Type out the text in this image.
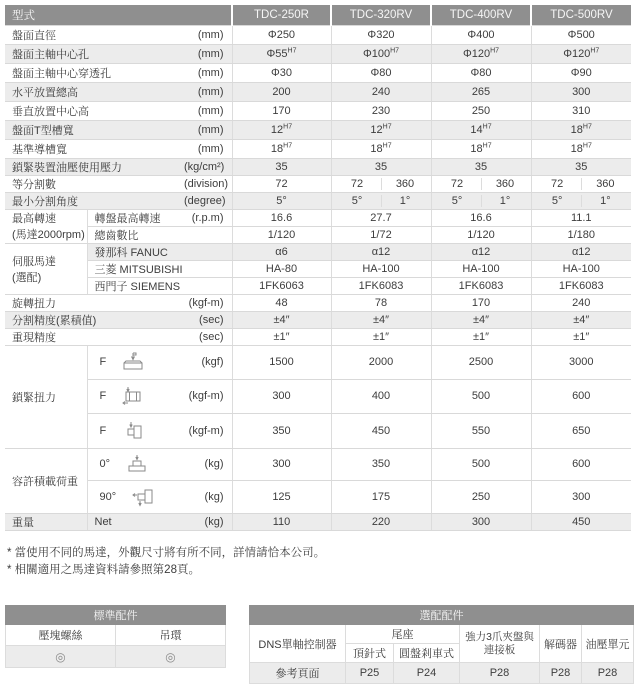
型式			TDC-250R	TDC-320RV	TDC-400RV	TDC-500RV
盤面直徑		(mm)	Φ250	Φ320	Φ400	Φ500
盤面主軸中心孔		(mm)	$\Phi 55^{H7}$	$\Phi 100^{H7}$	$\Phi 120^{H7}$	$\Phi 120^{H7}$
盤面主軸中心穿透孔		(mm)	Φ30	Φ80	Φ80	Φ90
水平放置總高		(mm)	200	240	265	300
垂直放置中心高		(mm)	170	230	250	310
盤面T型槽寬		(mm)	$12^{H7}$	$12^{H7}$	$14^{H7}$	$18^{H7}$
基準導槽寬		(mm)	$18^{H7}$	$18^{H7}$	$18^{H7}$	$18^{H7}$
鎖緊裝置油壓使用壓力		(kg/cm²)	35	35	35	35
等分割數		(division)	72	72 360	72 360	72 360

最小分割角度		(degree)	5°	5° 1°	5° 1°	5° 1°

最高轉速
(馬達2000rpm)	轉盤最高轉速	(r.p.m)	16.6	27.7	16.6	11.1
	總齒數比		1/120	1/72	1/120	1/180

伺服馬達
(選配)	發那科 FANUC		α6	α12	α12	α12
	三菱 MITSUBISHI		HA-80	HA-100	HA-100	HA-100
	西門子 SIEMENS		1FK6063	1FK6083	1FK6083	1FK6083
旋轉扭力		(kgf-m)	48	78	170	240
分割精度(累積值)		(sec)	±4″	±4″	±4″	±4″
重現精度		(sec)	±1″	±1″	±1″	±1″
鎖緊扭力	F	(kgf)	1500	2000	2500	3000

	F	(kgf-m)	300	400	500	600

	F	(kgf-m)	350	450	550	650
容許積載荷重	0°	(kg)	300	350	500	600

	90°	(kg)	125	175	250	300
重量	Net	(kg)	110	220	300	450
* 當使用不同的馬達，外觀尺寸將有所不同，詳情請恰本公司。
* 相關適用之馬達資料請參照第28頁。
標準配件	
壓塊螺絲	吊環
◎	◎
選配配件					
DNS單軸控制器	尾座		強力3爪夾盤與連接板	解碼器	油壓單元
	頂針式	圓盤剎車式			
參考頁面	P25	P24	P28	P28	P28
